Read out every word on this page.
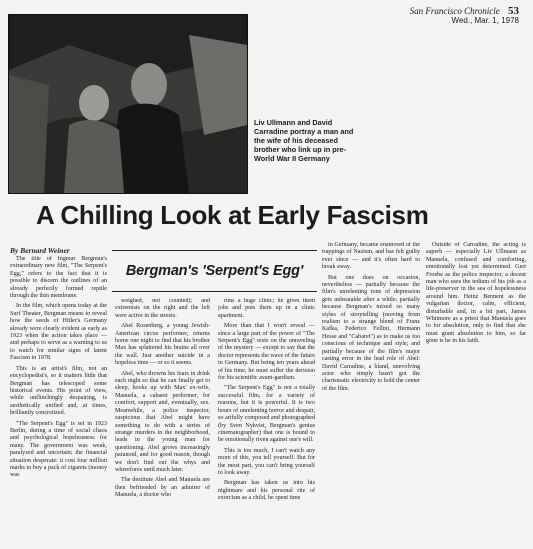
San Francisco Chronicle 53
Wed., Mar. 1, 1978
Liv Ullmann and David Carradine portray a man and the wife of his deceased brother who link up in pre-World War II Germany
A Chilling Look at Early Fascism
By Bernard Weiner
Bergman's 'Serpent's Egg'

The title of Ingmar Bergman's extraordinary new film, "The Serpent's Egg," refers to the fact that it is possible to discern the outlines of an already perfectly formed reptile through the thin membrane.

In the film, which opens today at the Surf Theater, Bergman means to reveal how the seeds of Hitler's Germany already were clearly evident as early as 1923 when the action takes place — and perhaps to serve as a warning to us to watch for similar signs of latent Fascism in 1978.

This is an artist's film, not an encyclopedist's, so it matters little that Bergman has telescoped some historical events. His point of view, while unflinchingly despairing, is aesthetically unified and, at times, brilliantly concretized.

"The Serpent's Egg" is set in 1923 Berlin, during a time of social chaos and psychological hopelessness for many. The government was weak, paralyzed and uncertain; the financial situation desperate: it cost four million marks to buy a pack of cigarets (money was

weighed, not counted); and extremists on the right and the left were active in the streets.

Abel Rosenberg, a young Jewish-American circus performer, returns home one night to find that his brother Max has splattered his brains all over the wall. Just another suicide in a hopeless time — or so it seems.

Abel, who drowns his fears in drink each night so that he can finally get to sleep, hooks up with Max' ex-wife, Manuela, a cabaret performer, for comfort, support and, eventually, sex. Meanwhile, a police inspector, suspicious that Abel might have something to do with a series of strange murders in the neighborhood, leads in the young man for questioning. Abel grows increasingly paranoid, and for good reason, though we don't find out the whys and wherefores until much later.

The destitute Abel and Manuela are then befriended by an admirer of Manuela, a doctor who

runs a huge clinic; he gives them jobs and puts them up in a clinic apartment.

More than that I won't reveal — since a large part of the power of "The Serpent's Egg" rests on the unraveling of the mystery — except to say that the doctor represents the wave of the future in Germany. But being ten years ahead of his time, he must suffer the derision for his scientific avant-gardism.

"The Serpent's Egg" is not a totally successful film, for a variety of reasons, but it is powerful. It is two hours of unrelenting horror and despair, so artfully composed and photographed (by Sven Nykvist, Bergman's genius cinematographer) that one is bound to be emotionally riven against one's will.

This is too much, I can't watch any more of this, you tell yourself. But for the most part, you can't bring yourself to look away.

Bergman has taken us into his nightmare and his personal rite of exorcism as a child, he spent time

in Germany, became enamored of the trappings of Nazism, and has felt guilty ever since — and it's often hard to break away.

But one does on occasion, nevertheless — partially because the film's unrelenting tone of depression gets unbearable after a while; partially because Bergman's mixed so many styles of storytelling (moving from realism to a strange blend of Franz Kafka, Federico Fellini, Hermann Hesse and "Cabaret") as to make us too conscious of technique and style; and partially because of the film's major casting error in the lead role of Abel: David Carradine, a bland, unevolving actor who simply hasn't got the charismatic electricity to hold the center of the film.

Outside of Carradine, the acting is superb — especially Liv Ullmann as Manuela, confused and comforting, emotionally lost yet determined. Gert Froebe as the police inspector, a decent man who uses the tedium of his job as a life-preserver in the sea of hopelessness around him. Heinz Bennent as the vulgarian doctor, calm, efficient, disturbable and, in a bit part, James Whitmore as a priest that Manuela goes to for absolution, only to find that she must grant absolution to him, so far gone is he in his faith.
